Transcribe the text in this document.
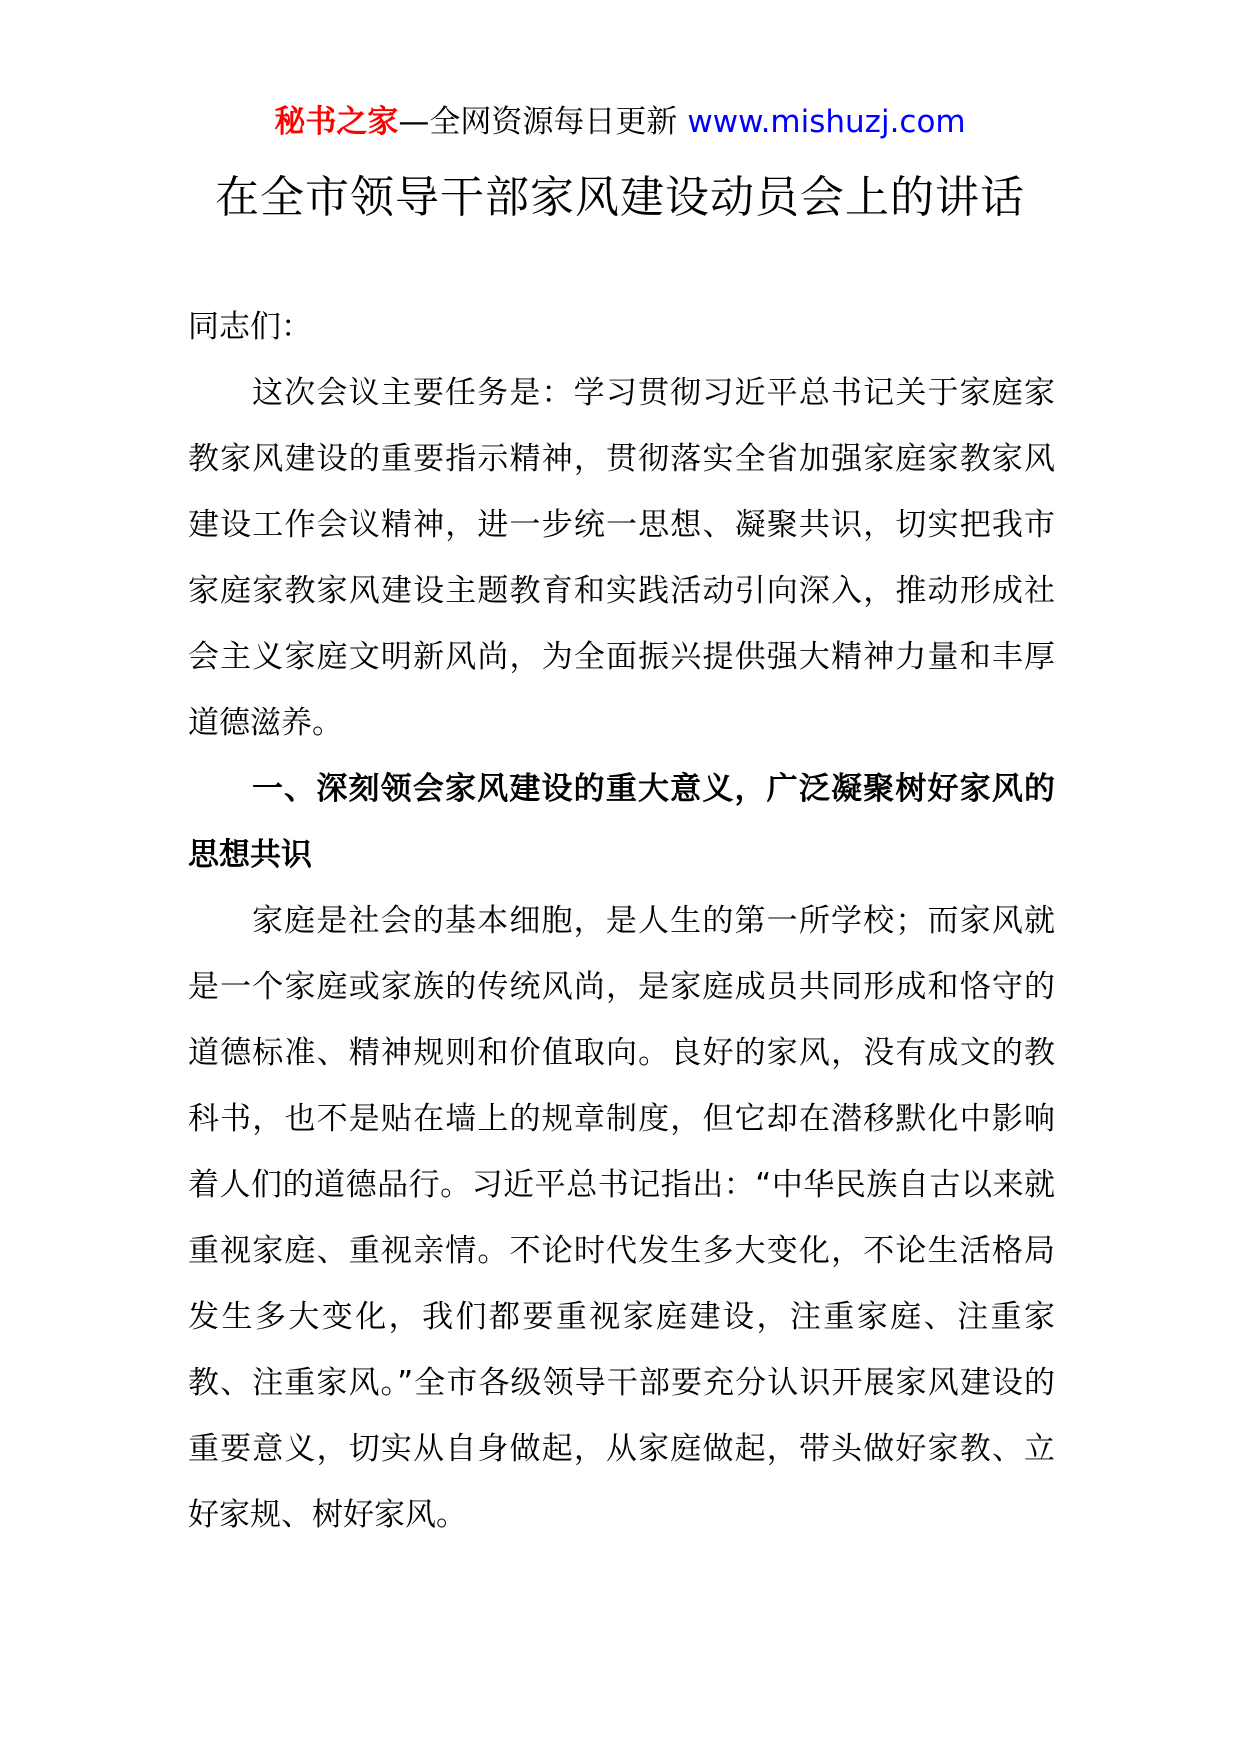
秘书之家—全网资源每日更新 www.mishuzj.com
在全市领导干部家风建设动员会上的讲话

同志们：

这次会议主要任务是：学习贯彻习近平总书记关于家庭家教家风建设的重要指示精神，贯彻落实全省加强家庭家教家风建设工作会议精神，进一步统一思想、凝聚共识，切实把我市家庭家教家风建设主题教育和实践活动引向深入，推动形成社会主义家庭文明新风尚，为全面振兴提供强大精神力量和丰厚道德滋养。

一、深刻领会家风建设的重大意义，广泛凝聚树好家风的思想共识

家庭是社会的基本细胞，是人生的第一所学校；而家风就是一个家庭或家族的传统风尚，是家庭成员共同形成和恪守的道德标准、精神规则和价值取向。良好的家风，没有成文的教科书，也不是贴在墙上的规章制度，但它却在潜移默化中影响着人们的道德品行。习近平总书记指出：“中华民族自古以来就重视家庭、重视亲情。不论时代发生多大变化，不论生活格局发生多大变化，我们都要重视家庭建设，注重家庭、注重家教、注重家风。”全市各级领导干部要充分认识开展家风建设的重要意义，切实从自身做起，从家庭做起，带头做好家教、立好家规、树好家风。
